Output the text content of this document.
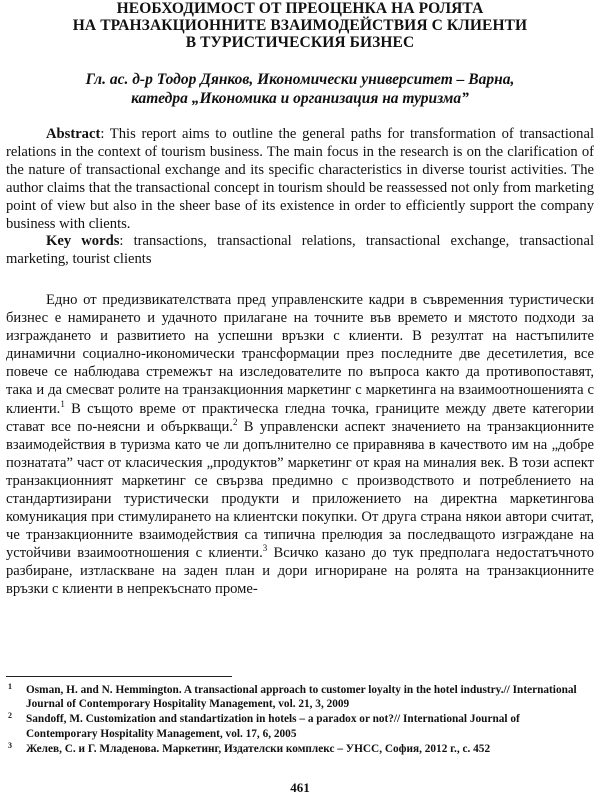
НЕОБХОДИМОСТ ОТ ПРЕОЦЕНКА НА РОЛЯТА
НА ТРАНЗАКЦИОННИТЕ ВЗАИМОДЕЙСТВИЯ С КЛИЕНТИ
В ТУРИСТИЧЕСКИЯ БИЗНЕС
Гл. ас. д-р Тодор Дянков, Икономически университет – Варна,
катедра „Икономика и организация на туризма”

Abstract: This report aims to outline the general paths for transformation of transactional relations in the context of tourism business. The main focus in the research is on the clarification of the nature of transactional exchange and its specific characteristics in diverse tourist activities. The author claims that the transactional concept in tourism should be reassessed not only from marketing point of view but also in the sheer base of its existence in order to efficiently support the company business with clients.

Key words: transactions, transactional relations, transactional exchange, transactional marketing, tourist clients

Едно от предизвикателствата пред управленските кадри в съвременния туристически бизнес е намирането и удачното прилагане на точните във времето и мястото подходи за изграждането и развитието на успешни връзки с клиенти. В резултат на настъпилите динамични социално-икономически трансформации през последните две десетилетия, все повече се наблюдава стремежът на изследователите по въпроса както да противопоставят, така и да смесват ролите на транзакционния маркетинг с маркетинга на взаимоотношенията с клиенти.$^1$ В същото време от практическа гледна точка, границите между двете категории стават все по-неясни и объркващи.$^2$ В управленски аспект значението на транзакционните взаимодействия в туризма като че ли допълнително се приравнява в качеството им на „добре познатата” част от класическия „продуктов” маркетинг от края на миналия век. В този аспект транзакционният маркетинг се свързва предимно с производството и потреблението на стандартизирани туристически продукти и приложението на директна маркетингова комуникация при стимулирането на клиентски покупки. От друга страна някои автори считат, че транзакционните взаимодействия са типична прелюдия за последващото изграждане на устойчиви взаимоотношения с клиенти.$^3$ Всичко казано до тук предполага недостатъчното разбиране, изтласкване на заден план и дори игнориране на ролята на транзакционните връзки с клиенти в непрекъснато проме-

1 Osman, H. and N. Hemmington. A transactional approach to customer loyalty in the hotel industry.// International Journal of Contemporary Hospitality Management, vol. 21, 3, 2009
2 Sandoff, M. Customization and standartization in hotels – a paradox or not?// International Journal of Contemporary Hospitality Management, vol. 17, 6, 2005
3 Желев, С. и Г. Младенова. Маркетинг, Издателски комплекс – УНСС, София, 2012 г., с. 452
461
